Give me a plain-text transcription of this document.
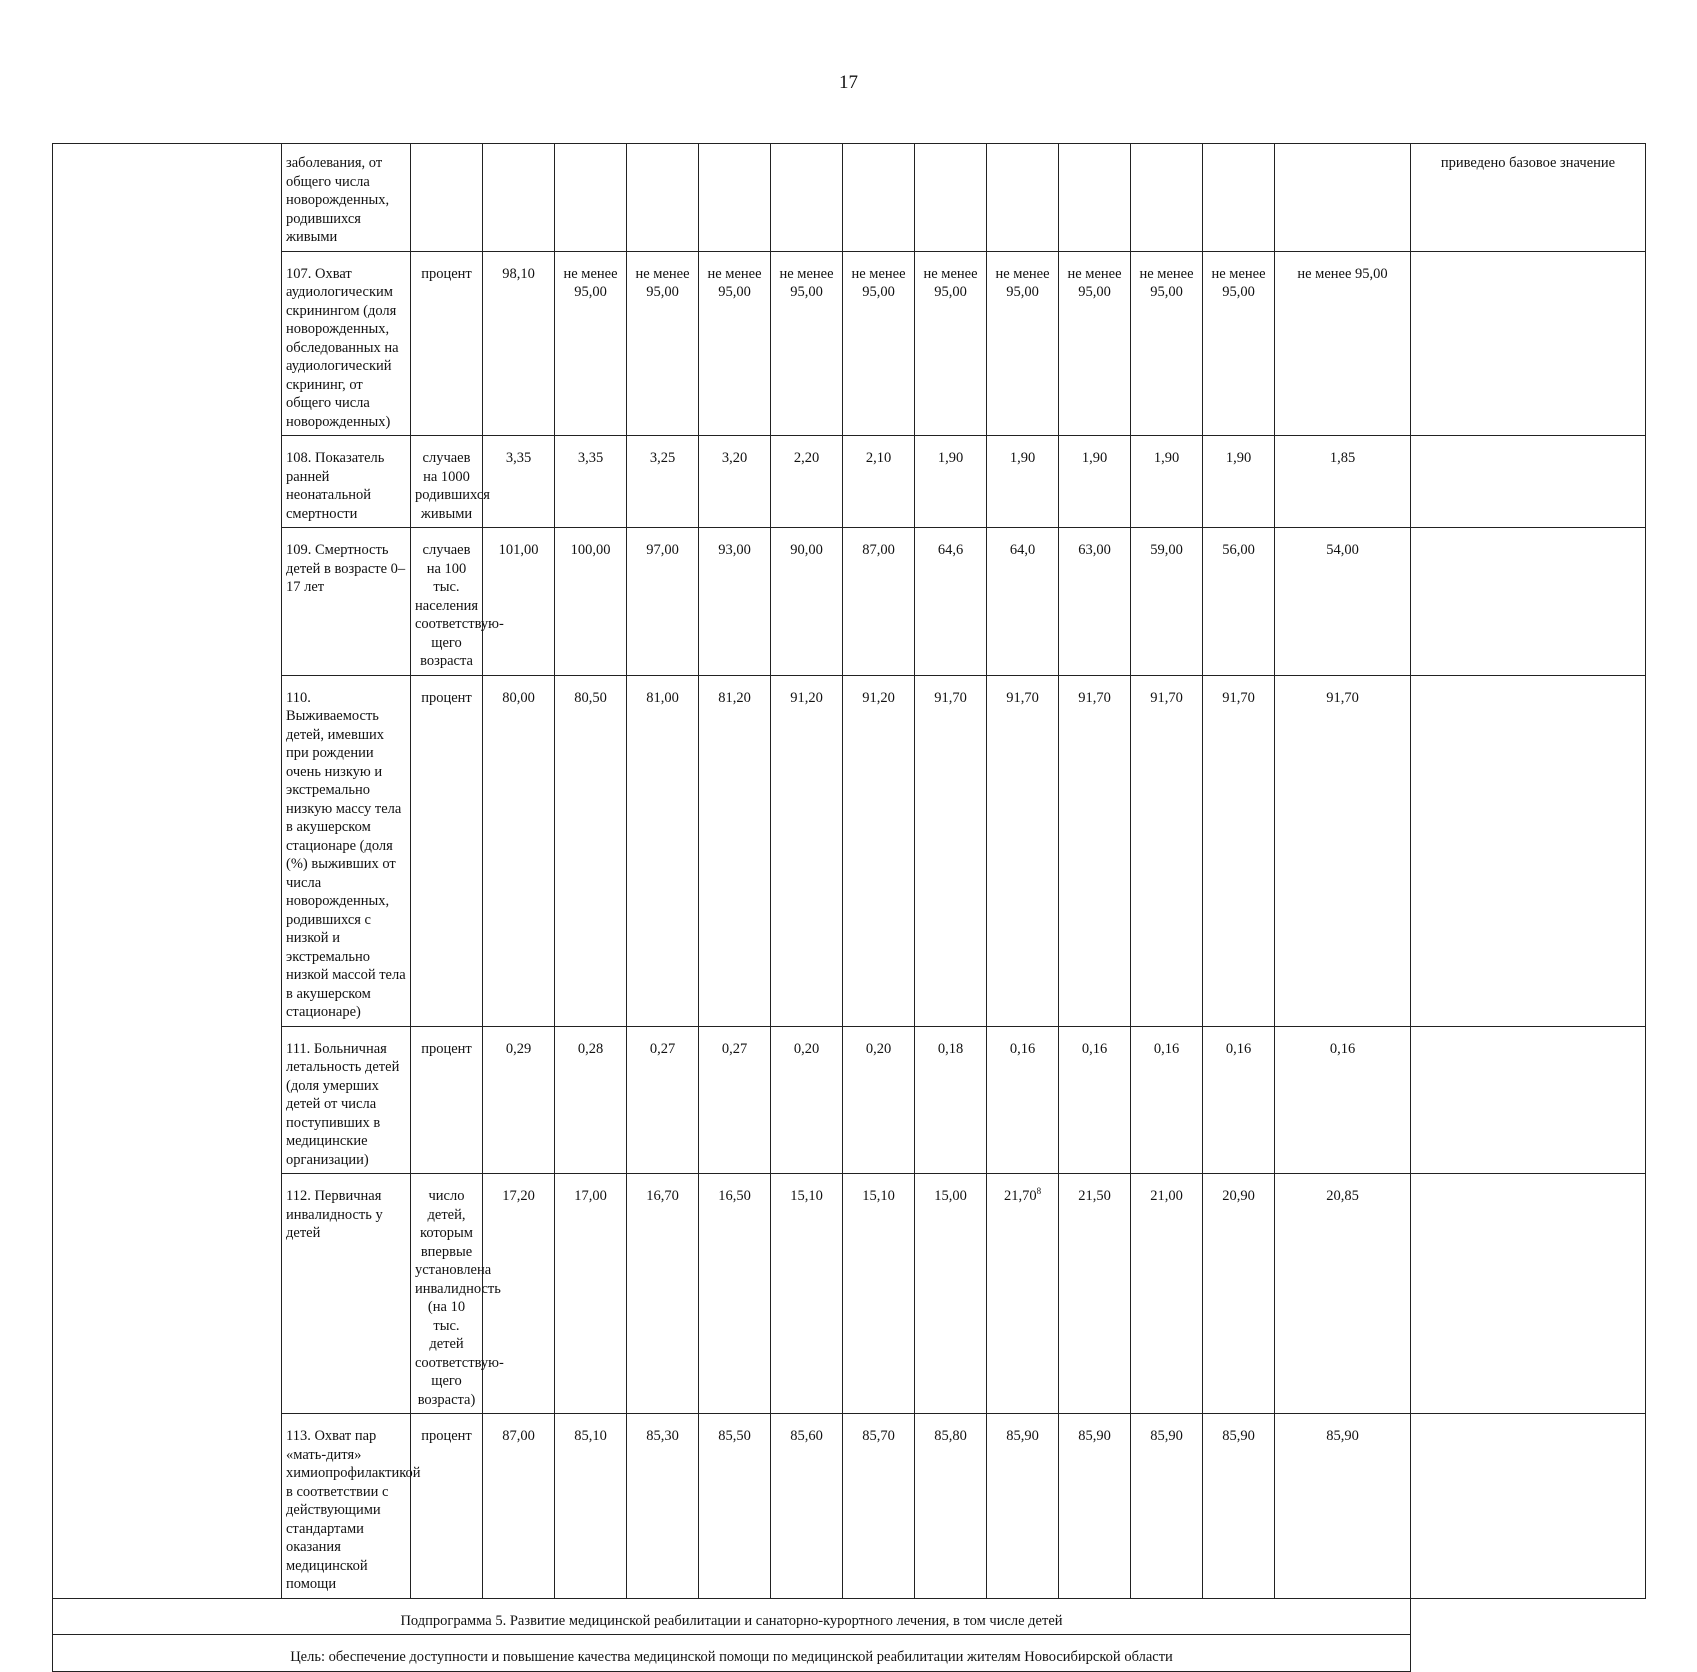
17
	заболевания, от общего числа новорожденных, родившихся живыми														приведено базовое значение
	107. Охват аудиологическим скринингом (доля новорожденных, обследованных на аудиологический скрининг, от общего числа новорожденных)	процент	98,10	не менее 95,00	не менее 95,00	не менее 95,00	не менее 95,00	не менее 95,00	не менее 95,00	не менее 95,00	не менее 95,00	не менее 95,00	не менее 95,00	не менее 95,00	
	108. Показатель ранней неонатальной смертности	случаев на 1000 родившихся живыми	3,35	3,35	3,25	3,20	2,20	2,10	1,90	1,90	1,90	1,90	1,90	1,85	
	109. Смертность детей в возрасте 0–17 лет	случаев на 100 тыс. населения соответствую-щего возраста	101,00	100,00	97,00	93,00	90,00	87,00	64,6	64,0	63,00	59,00	56,00	54,00	
	110. Выживаемость детей, имевших при рождении очень низкую и экстремально низкую массу тела в акушерском стационаре (доля (%) выживших от числа новорожденных, родившихся с низкой и экстремально низкой массой тела в акушерском стационаре)	процент	80,00	80,50	81,00	81,20	91,20	91,20	91,70	91,70	91,70	91,70	91,70	91,70	
	111. Больничная летальность детей (доля умерших детей от числа поступивших в медицинские организации)	процент	0,29	0,28	0,27	0,27	0,20	0,20	0,18	0,16	0,16	0,16	0,16	0,16	
	112. Первичная инвалидность у детей	число детей, которым впервые установлена инвалидность (на 10 тыс. детей соответствую-щего возраста)	17,20	17,00	16,70	16,50	15,10	15,10	15,00	21,70$^8$	21,50	21,00	20,90	20,85	
	113. Охват пар «мать-дитя» химиопрофилактикой в соответствии с действующими стандартами оказания медицинской помощи	процент	87,00	85,10	85,30	85,50	85,60	85,70	85,80	85,90	85,90	85,90	85,90	85,90	
Подпрограмма 5. Развитие медицинской реабилитации и санаторно-курортного лечения, в том числе детей															
Цель: обеспечение доступности и повышение качества медицинской помощи по медицинской реабилитации жителям Новосибирской области															
